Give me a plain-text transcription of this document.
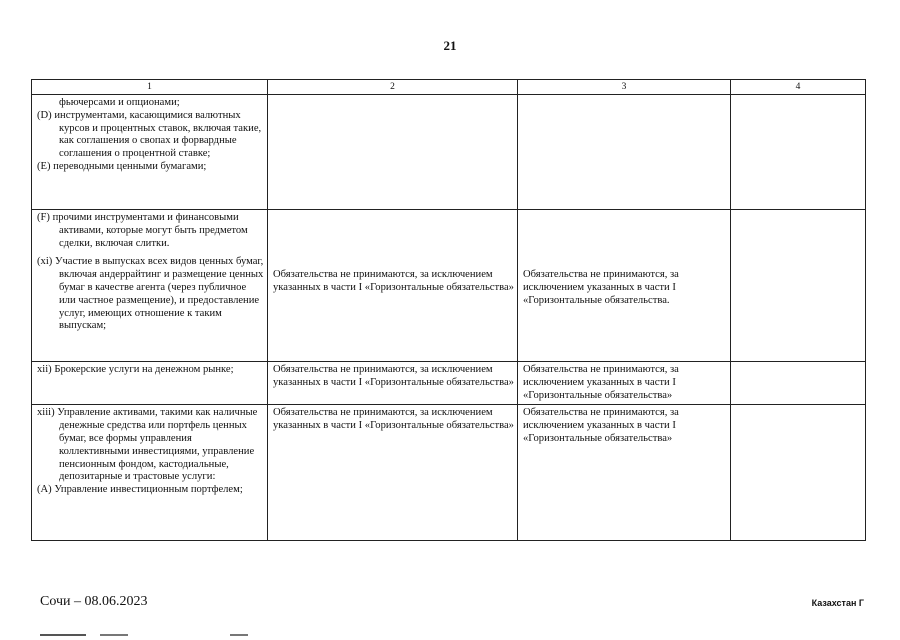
21
1	2	3	4

фьючерсами и опционами;
(D) инструментами, касающимися валютных курсов и процентных ставок, включая такие, как соглашения о свопах и форвардные соглашения о процентной ставке;
(E) переводными ценными бумагами;			

(F) прочими инструментами и финансовыми активами, которые могут быть предметом сделки, включая слитки.
(xi) Участие в выпусках всех видов ценных бумаг, включая андеррайтинг и размещение ценных бумаг в качестве агента (через публичное или частное размещение), и предоставление услуг, имеющих отношение к таким выпускам;	Обязательства не принимаются, за исключением указанных в части I «Горизонтальные обязательства»	Обязательства не принимаются, за исключением указанных в части I «Горизонтальные обязательства.	

xii) Брокерские услуги на денежном рынке;	Обязательства не принимаются, за исключением указанных в части I «Горизонтальные обязательства»	Обязательства не принимаются, за исключением указанных в части I «Горизонтальные обязательства»	

xiii) Управление активами, такими как наличные денежные средства или портфель ценных бумаг, все формы управления коллективными инвестициями, управление пенсионным фондом, кастодиальные, депозитарные и трастовые услуги:
(A) Управление инвестиционным портфелем;	Обязательства не принимаются, за исключением указанных в части I «Горизонтальные обязательства»	Обязательства не принимаются, за исключением указанных в части I «Горизонтальные обязательства»	
Сочи – 08.06.2023	Казахстан Г
